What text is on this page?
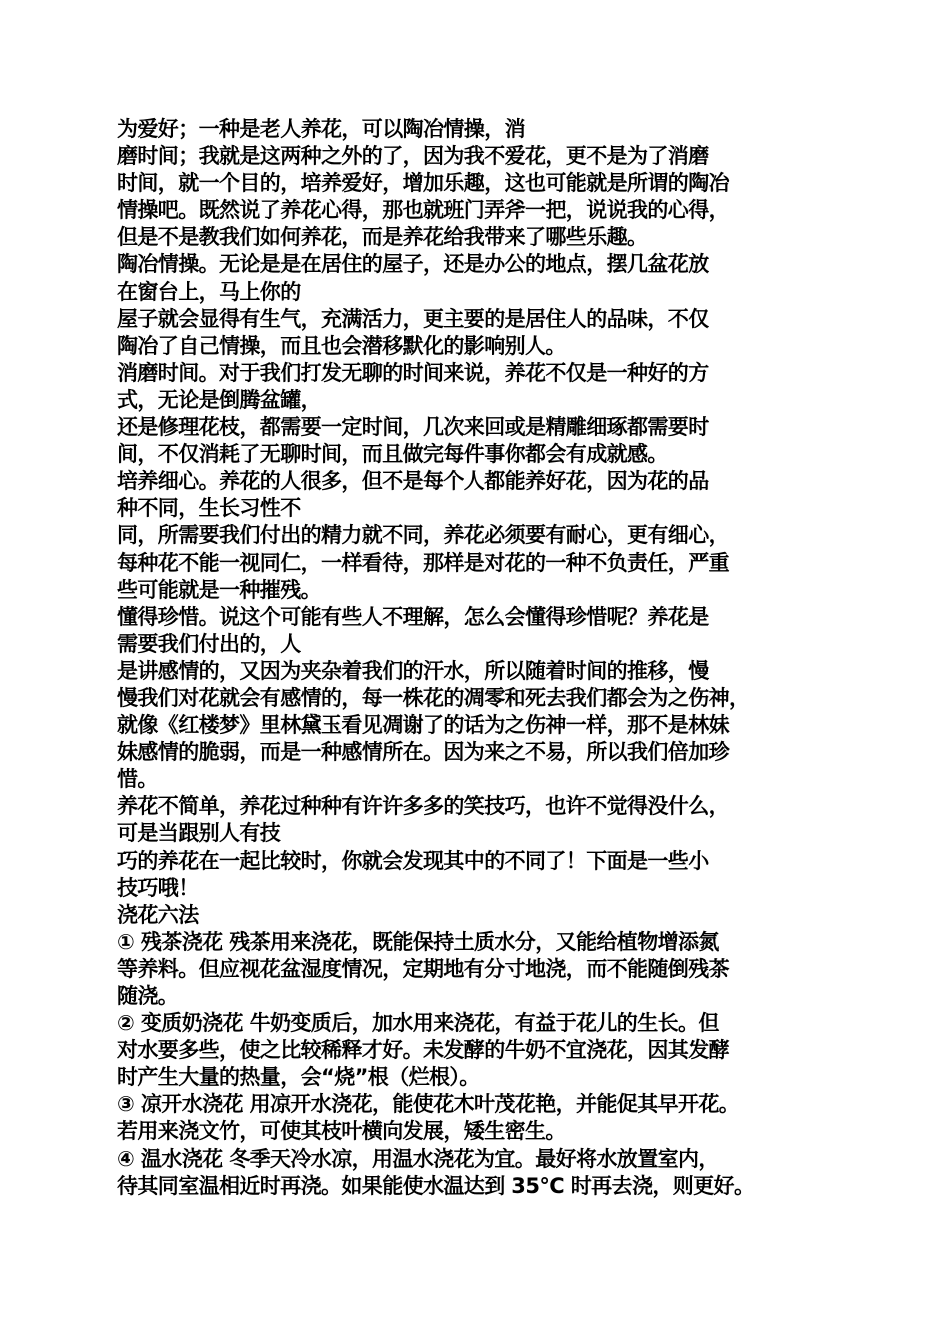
为爱好；一种是老人养花，可以陶冶情操，消
磨时间；我就是这两种之外的了，因为我不爱花，更不是为了消磨
时间，就一个目的，培养爱好，增加乐趣，这也可能就是所谓的陶冶
情操吧。既然说了养花心得，那也就班门弄斧一把，说说我的心得，
但是不是教我们如何养花，而是养花给我带来了哪些乐趣。
陶冶情操。无论是是在居住的屋子，还是办公的地点，摆几盆花放
在窗台上，马上你的
屋子就会显得有生气，充满活力，更主要的是居住人的品味，不仅
陶冶了自己情操，而且也会潜移默化的影响别人。
消磨时间。对于我们打发无聊的时间来说，养花不仅是一种好的方
式，无论是倒腾盆罐，
还是修理花枝，都需要一定时间，几次来回或是精雕细琢都需要时
间，不仅消耗了无聊时间，而且做完每件事你都会有成就感。
培养细心。养花的人很多，但不是每个人都能养好花，因为花的品
种不同，生长习性不
同，所需要我们付出的精力就不同，养花必须要有耐心，更有细心，
每种花不能一视同仁，一样看待，那样是对花的一种不负责任，严重
些可能就是一种摧残。
懂得珍惜。说这个可能有些人不理解，怎么会懂得珍惜呢？养花是
需要我们付出的，人
是讲感情的，又因为夹杂着我们的汗水，所以随着时间的推移，慢
慢我们对花就会有感情的，每一株花的凋零和死去我们都会为之伤神，
就像《红楼梦》里林黛玉看见凋谢了的话为之伤神一样，那不是林妹
妹感情的脆弱，而是一种感情所在。因为来之不易，所以我们倍加珍
惜。
养花不简单，养花过种种有许许多多的笑技巧，也许不觉得没什么，
可是当跟别人有技
巧的养花在一起比较时，你就会发现其中的不同了！下面是一些小
技巧哦！
浇花六法
① 残茶浇花 残茶用来浇花，既能保持土质水分，又能给植物增添氮
等养料。但应视花盆湿度情况，定期地有分寸地浇，而不能随倒残茶
随浇。
② 变质奶浇花 牛奶变质后，加水用来浇花，有益于花儿的生长。但
对水要多些，使之比较稀释才好。未发酵的牛奶不宜浇花，因其发酵
时产生大量的热量，会“烧”根（烂根）。
③ 凉开水浇花 用凉开水浇花，能使花木叶茂花艳，并能促其早开花。
若用来浇文竹，可使其枝叶横向发展，矮生密生。
④ 温水浇花 冬季天冷水凉，用温水浇花为宜。最好将水放置室内，
待其同室温相近时再浇。如果能使水温达到 35°C 时再去浇，则更好。
